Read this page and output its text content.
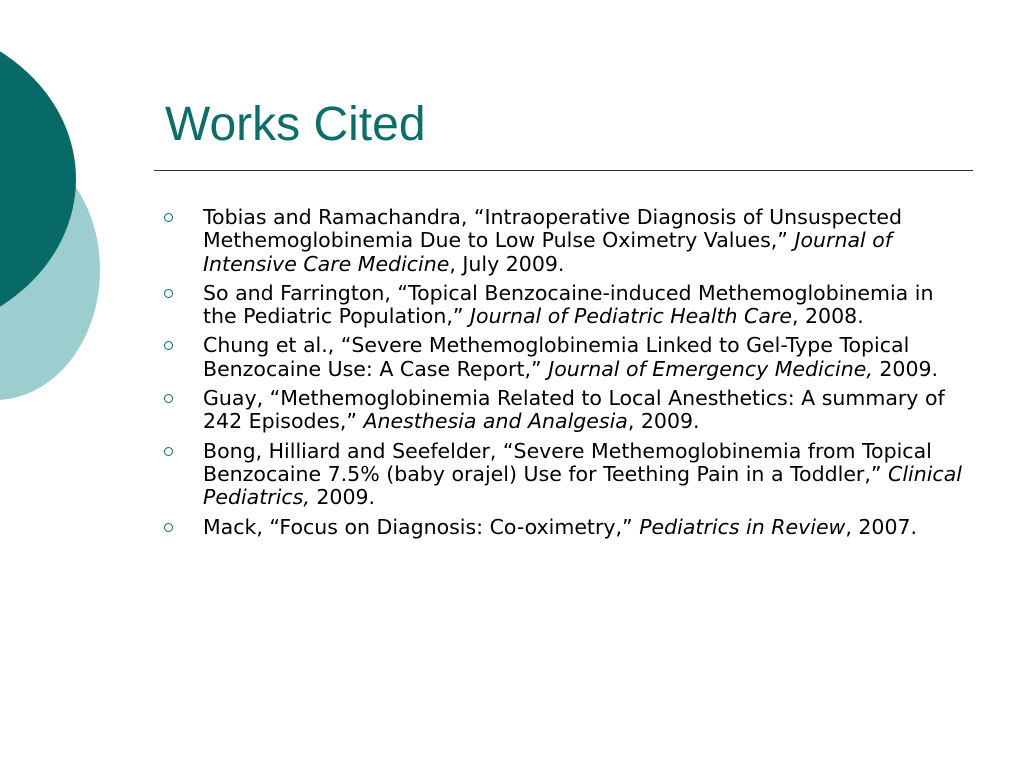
Works Cited
Tobias and Ramachandra, “Intraoperative Diagnosis of Unsuspected Methemoglobinemia Due to Low Pulse Oximetry Values,” Journal of Intensive Care Medicine, July 2009.
So and Farrington, “Topical Benzocaine-induced Methemoglobinemia in the Pediatric Population,” Journal of Pediatric Health Care, 2008.
Chung et al., “Severe Methemoglobinemia Linked to Gel-Type Topical Benzocaine Use: A Case Report,” Journal of Emergency Medicine, 2009.
Guay, “Methemoglobinemia Related to Local Anesthetics: A summary of 242 Episodes,” Anesthesia and Analgesia, 2009.
Bong, Hilliard and Seefelder, “Severe Methemoglobinemia from Topical Benzocaine 7.5% (baby orajel) Use for Teething Pain in a Toddler,” Clinical Pediatrics, 2009.
Mack, “Focus on Diagnosis: Co-oximetry,” Pediatrics in Review, 2007.
